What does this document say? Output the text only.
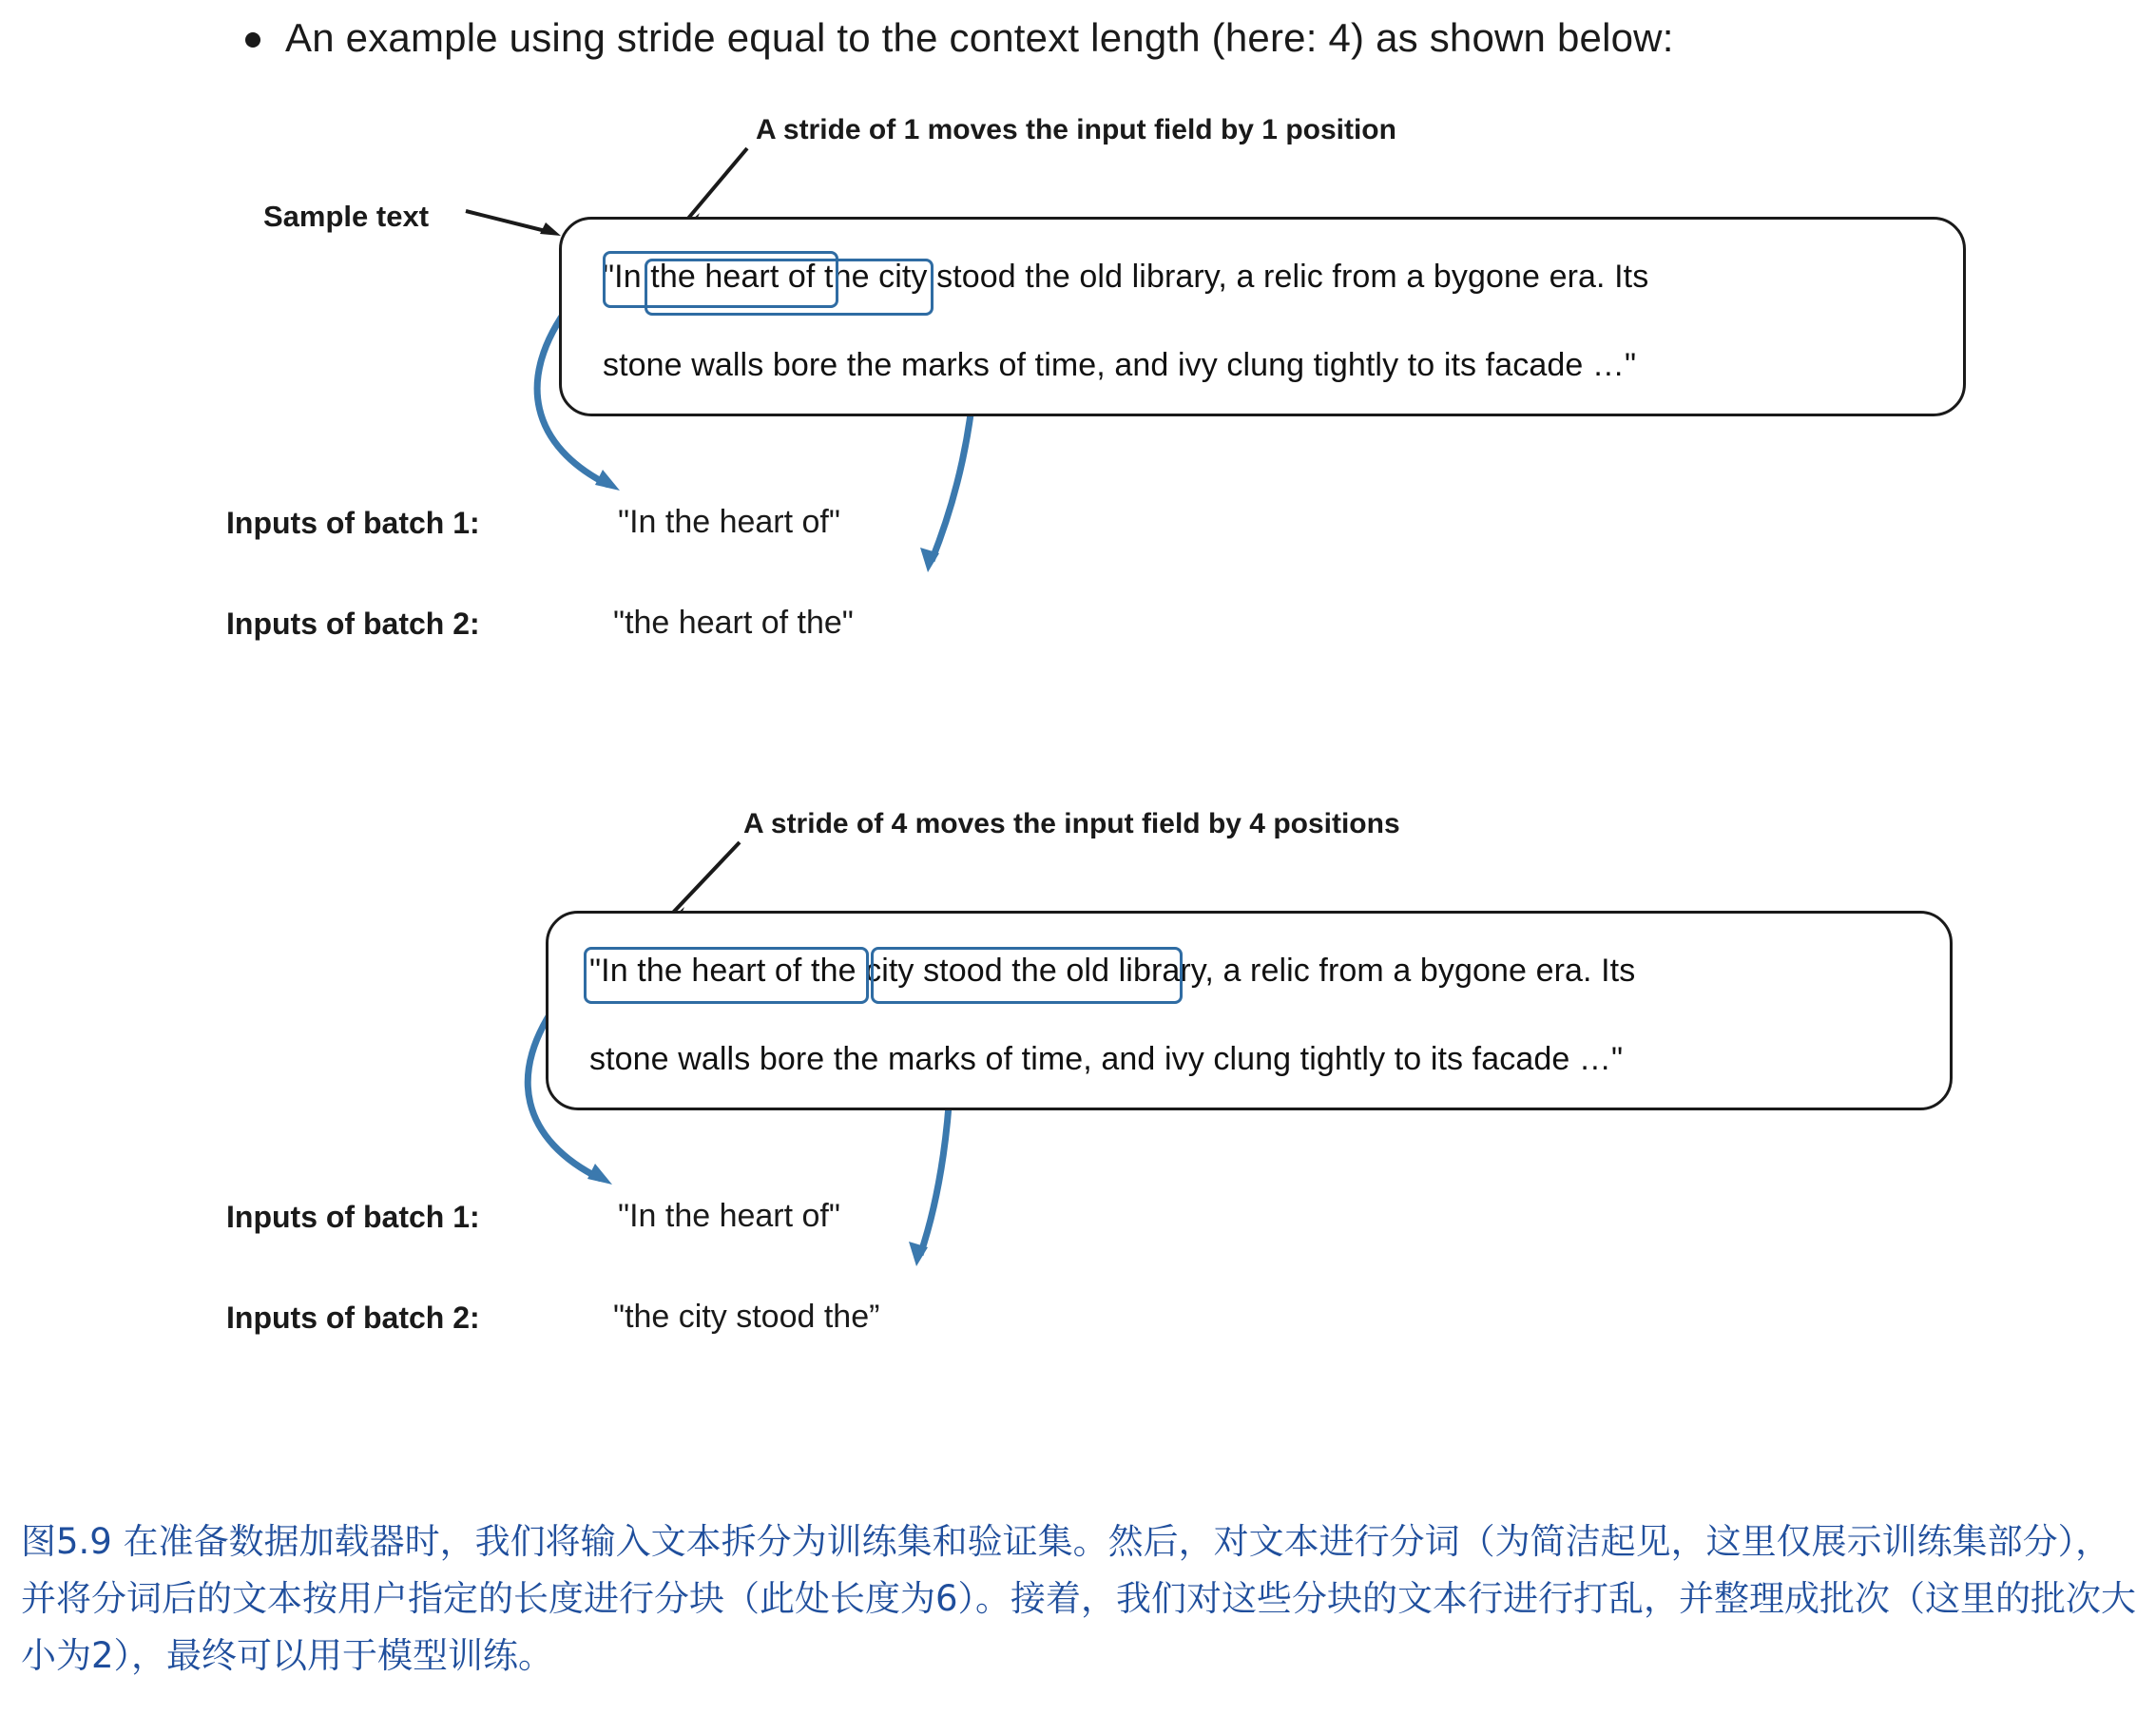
An example using stride equal to the context length (here: 4) as shown below:
A stride of 1 moves the input field by 1 position
Sample text
"In the heart of the city stood the old library, a relic from a bygone era. Its
stone walls bore the marks of time, and ivy clung tightly to its facade …"
Inputs of batch 1:	"In the heart of"
Inputs of batch 2:	"the heart of the"
A stride of 4 moves the input field by 4 positions
"In the heart of the city stood the old library, a relic from a bygone era. Its
stone walls bore the marks of time, and ivy clung tightly to its facade …"
Inputs of batch 1:	"In the heart of"
Inputs of batch 2:	"the city stood the”
图5.9 在准备数据加载器时，我们将输入文本拆分为训练集和验证集。然后，对文本进行分词（为简洁起见，这里仅展示训练集部分），并将分词后的文本按用户指定的长度进行分块（此处长度为6）。接着，我们对这些分块的文本行进行打乱，并整理成批次（这里的批次大小为2），最终可以用于模型训练。
